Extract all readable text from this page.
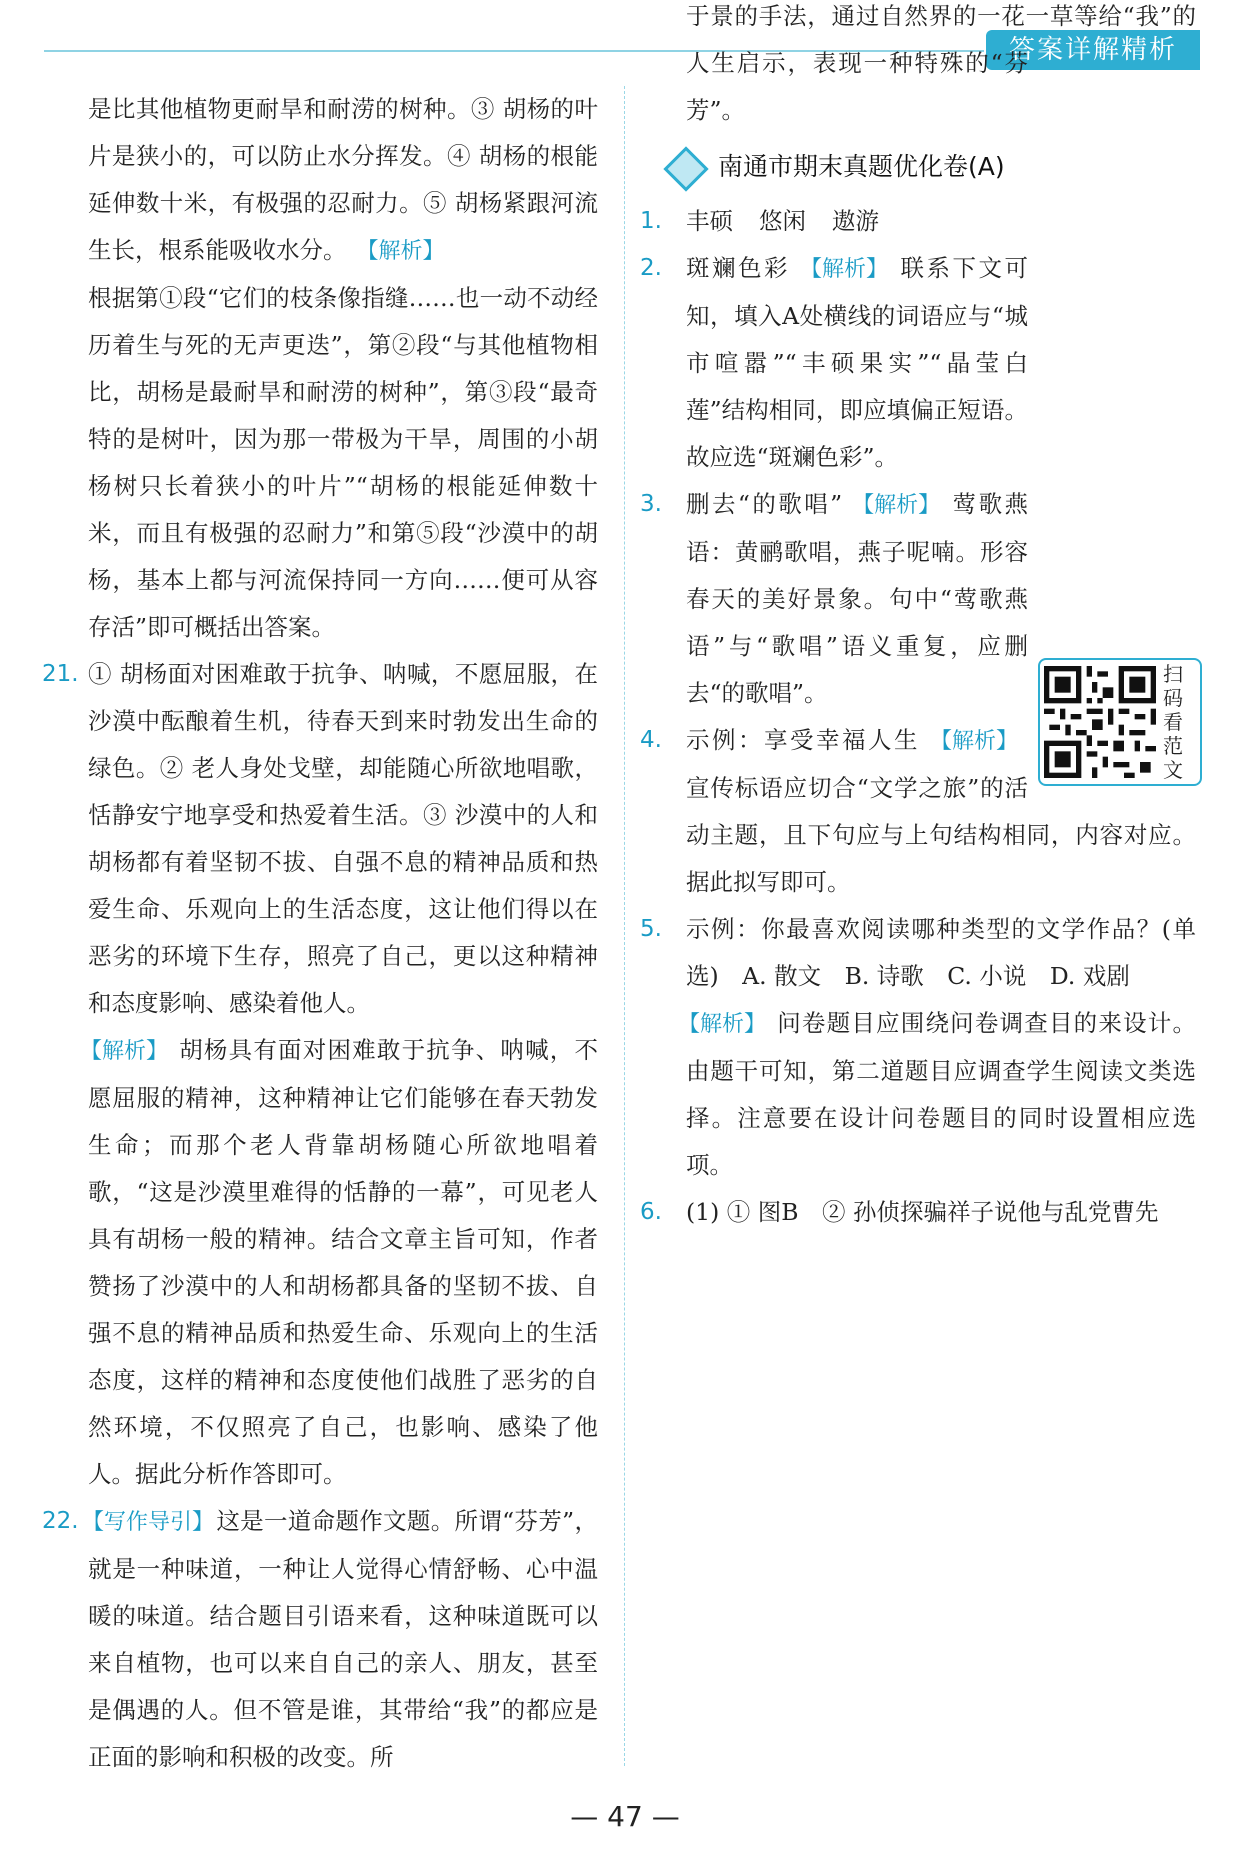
答案详解精析

是比其他植物更耐旱和耐涝的树种。③ 胡杨的叶片是狭小的，可以防止水分挥发。④ 胡杨的根能延伸数十米，有极强的忍耐力。⑤ 胡杨紧跟河流生长，根系能吸收水分。 【解析】

根据第①段“它们的枝条像指缝……也一动不动经历着生与死的无声更迭”，第②段“与其他植物相比，胡杨是最耐旱和耐涝的树种”，第③段“最奇特的是树叶，因为那一带极为干旱，周围的小胡杨树只长着狭小的叶片”“胡杨的根能延伸数十米，而且有极强的忍耐力”和第⑤段“沙漠中的胡杨，基本上都与河流保持同一方向……便可从容存活”即可概括出答案。

21. ① 胡杨面对困难敢于抗争、呐喊，不愿屈服，在沙漠中酝酿着生机，待春天到来时勃发出生命的绿色。② 老人身处戈壁，却能随心所欲地唱歌，恬静安宁地享受和热爱着生活。③ 沙漠中的人和胡杨都有着坚韧不拔、自强不息的精神品质和热爱生命、乐观向上的生活态度，这让他们得以在恶劣的环境下生存，照亮了自己，更以这种精神和态度影响、感染着他人。

【解析】 胡杨具有面对困难敢于抗争、呐喊，不愿屈服的精神，这种精神让它们能够在春天勃发生命；而那个老人背靠胡杨随心所欲地唱着歌，“这是沙漠里难得的恬静的一幕”，可见老人具有胡杨一般的精神。结合文章主旨可知，作者赞扬了沙漠中的人和胡杨都具备的坚韧不拔、自强不息的精神品质和热爱生命、乐观向上的生活态度，这样的精神和态度使他们战胜了恶劣的自然环境，不仅照亮了自己，也影响、感染了他人。据此分析作答即可。

22. 【写作导引】这是一道命题作文题。所谓“芬芳”，就是一种味道，一种让人觉得心情舒畅、心中温暖的味道。结合题目引语来看，这种味道既可以来自植物，也可以来自自己的亲人、朋友，甚至是偶遇的人。但不管是谁，其带给“我”的都应是正面的影响和积极的改变。所

扫码看范文

于景的手法，通过自然界的一花一草等给“我”的人生启示，表现一种特殊的“芬芳”。

南通市期末真题优化卷(A)
1. 丰硕 悠闲 遨游

2. 斑斓色彩 【解析】 联系下文可知，填入A处横线的词语应与“城市喧嚣”“丰硕果实”“晶莹白莲”结构相同，即应填偏正短语。故应选“斑斓色彩”。

3. 删去“的歌唱” 【解析】 莺歌燕语：黄鹂歌唱，燕子呢喃。形容春天的美好景象。句中“莺歌燕语”与“歌唱”语义重复，应删去“的歌唱”。

4. 示例：享受幸福人生 【解析】宣传标语应切合“文学之旅”的活动主题，且下句应与上句结构相同，内容对应。据此拟写即可。

5. 示例：你最喜欢阅读哪种类型的文学作品？(单选)　A. 散文　B. 诗歌　C. 小说　D. 戏剧

【解析】 问卷题目应围绕问卷调查目的来设计。由题干可知，第二道题目应调查学生阅读文类选择。注意要在设计问卷题目的同时设置相应选项。

6. (1) ① 图B　② 孙侦探骗祥子说他与乱党曹先

— 47 —
